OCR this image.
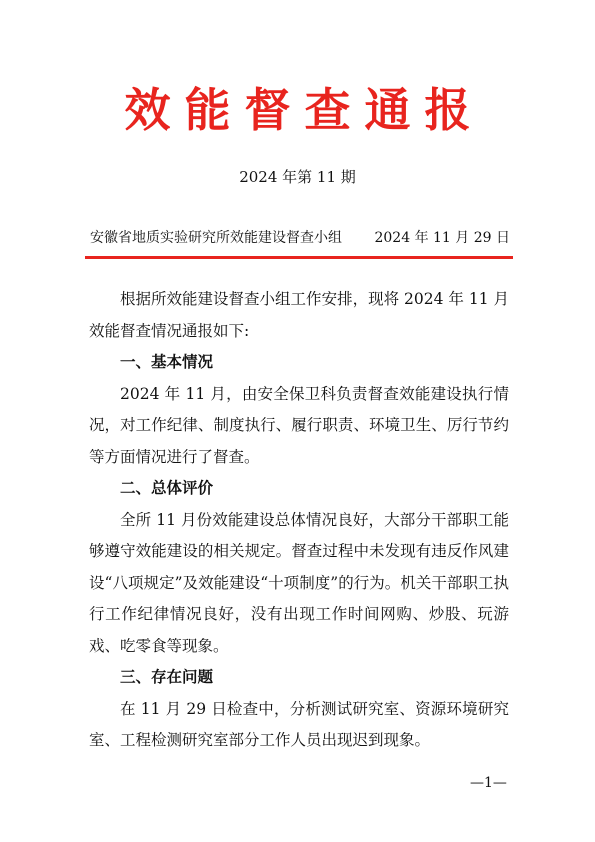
效能督查通报
2024 年第 11 期
安徽省地质实验研究所效能建设督查小组 2024 年 11 月 29 日

根据所效能建设督查小组工作安排，现将 2024 年 11 月效能督查情况通报如下:

一、基本情况

2024 年 11 月，由安全保卫科负责督查效能建设执行情况，对工作纪律、制度执行、履行职责、环境卫生、厉行节约等方面情况进行了督查。

二、总体评价

全所 11 月份效能建设总体情况良好，大部分干部职工能够遵守效能建设的相关规定。督查过程中未发现有违反作风建设“八项规定”及效能建设“十项制度”的行为。机关干部职工执行工作纪律情况良好，没有出现工作时间网购、炒股、玩游戏、吃零食等现象。

三、存在问题

在 11 月 29 日检查中，分析测试研究室、资源环境研究室、工程检测研究室部分工作人员出现迟到现象。

—1—
